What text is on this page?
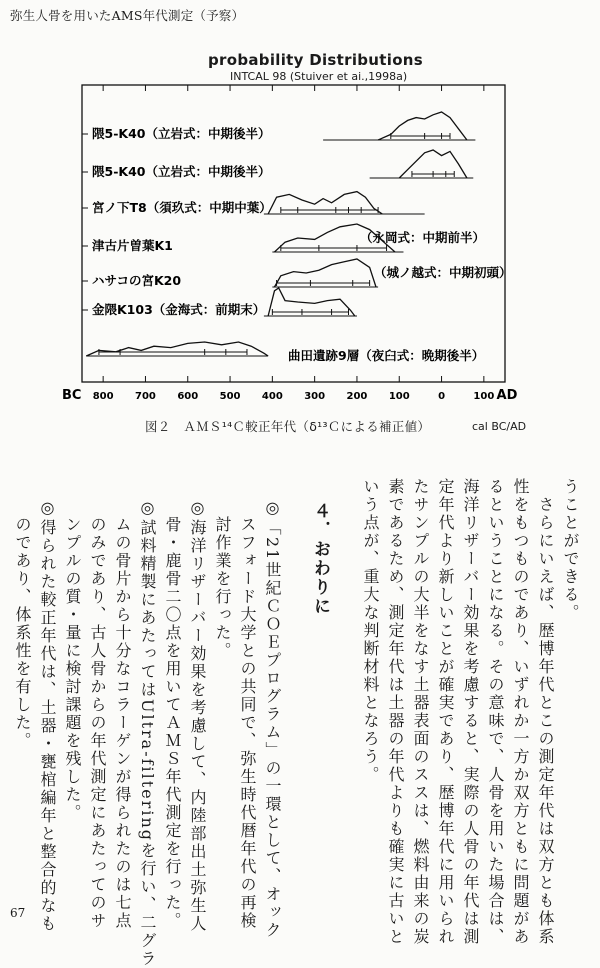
弥生人骨を用いたAMS年代測定（予察）
probability Distributions
INTCAL 98 (Stuiver et ai.,1998a)
800 700 600 500 400 300 200 100	0	100
BC	AD
隈5-K40（立岩式：中期後半）
隈5-K40（立岩式：中期後半）
宮ノ下T8（須玖式：中期中葉）
津古片曽葉K1
（永岡式：中期前半）
ハサコの宮K20
（城ノ越式：中期初頭）
金隈K103（金海式：前期末）
曲田遺跡9層（夜臼式：晩期後半）
図２　ＡＭＳ¹⁴Ｃ較正年代（δ¹³Ｃによる補正値）	cal BC/AD
うことができる。
　さらにいえば、歴博年代とこの測定年代は双方とも体系
性をもつものであり、いずれか一方か双方ともに問題があ
るということになる。その意味で、人骨を用いた場合は、
海洋リザーバー効果を考慮すると、実際の人骨の年代は測
定年代より新しいことが確実であり、歴博年代に用いられ
たサンプルの大半をなす土器表面のススは、燃料由来の炭
素であるため、測定年代は土器の年代よりも確実に古いと
いう点が、重大な判断材料となろう。
４．おわりに
◎「21世紀ＣＯＥプログラム」の一環として、オック
　スフォード大学との共同で、弥生時代暦年代の再検
　討作業を行った。
◎海洋リザーバー効果を考慮して、内陸部出土弥生人
　骨・鹿骨二〇点を用いてＡＭＳ年代測定を行った。
◎試料精製にあたってはUltra-filteringを行い、二グラ
　ムの骨片から十分なコラーゲンが得られたのは七点
　のみであり、古人骨からの年代測定にあたってのサ
　ンプルの質・量に検討課題を残した。
◎得られた較正年代は、土器・甕棺編年と整合的なも
　のであり、体系性を有した。
67
